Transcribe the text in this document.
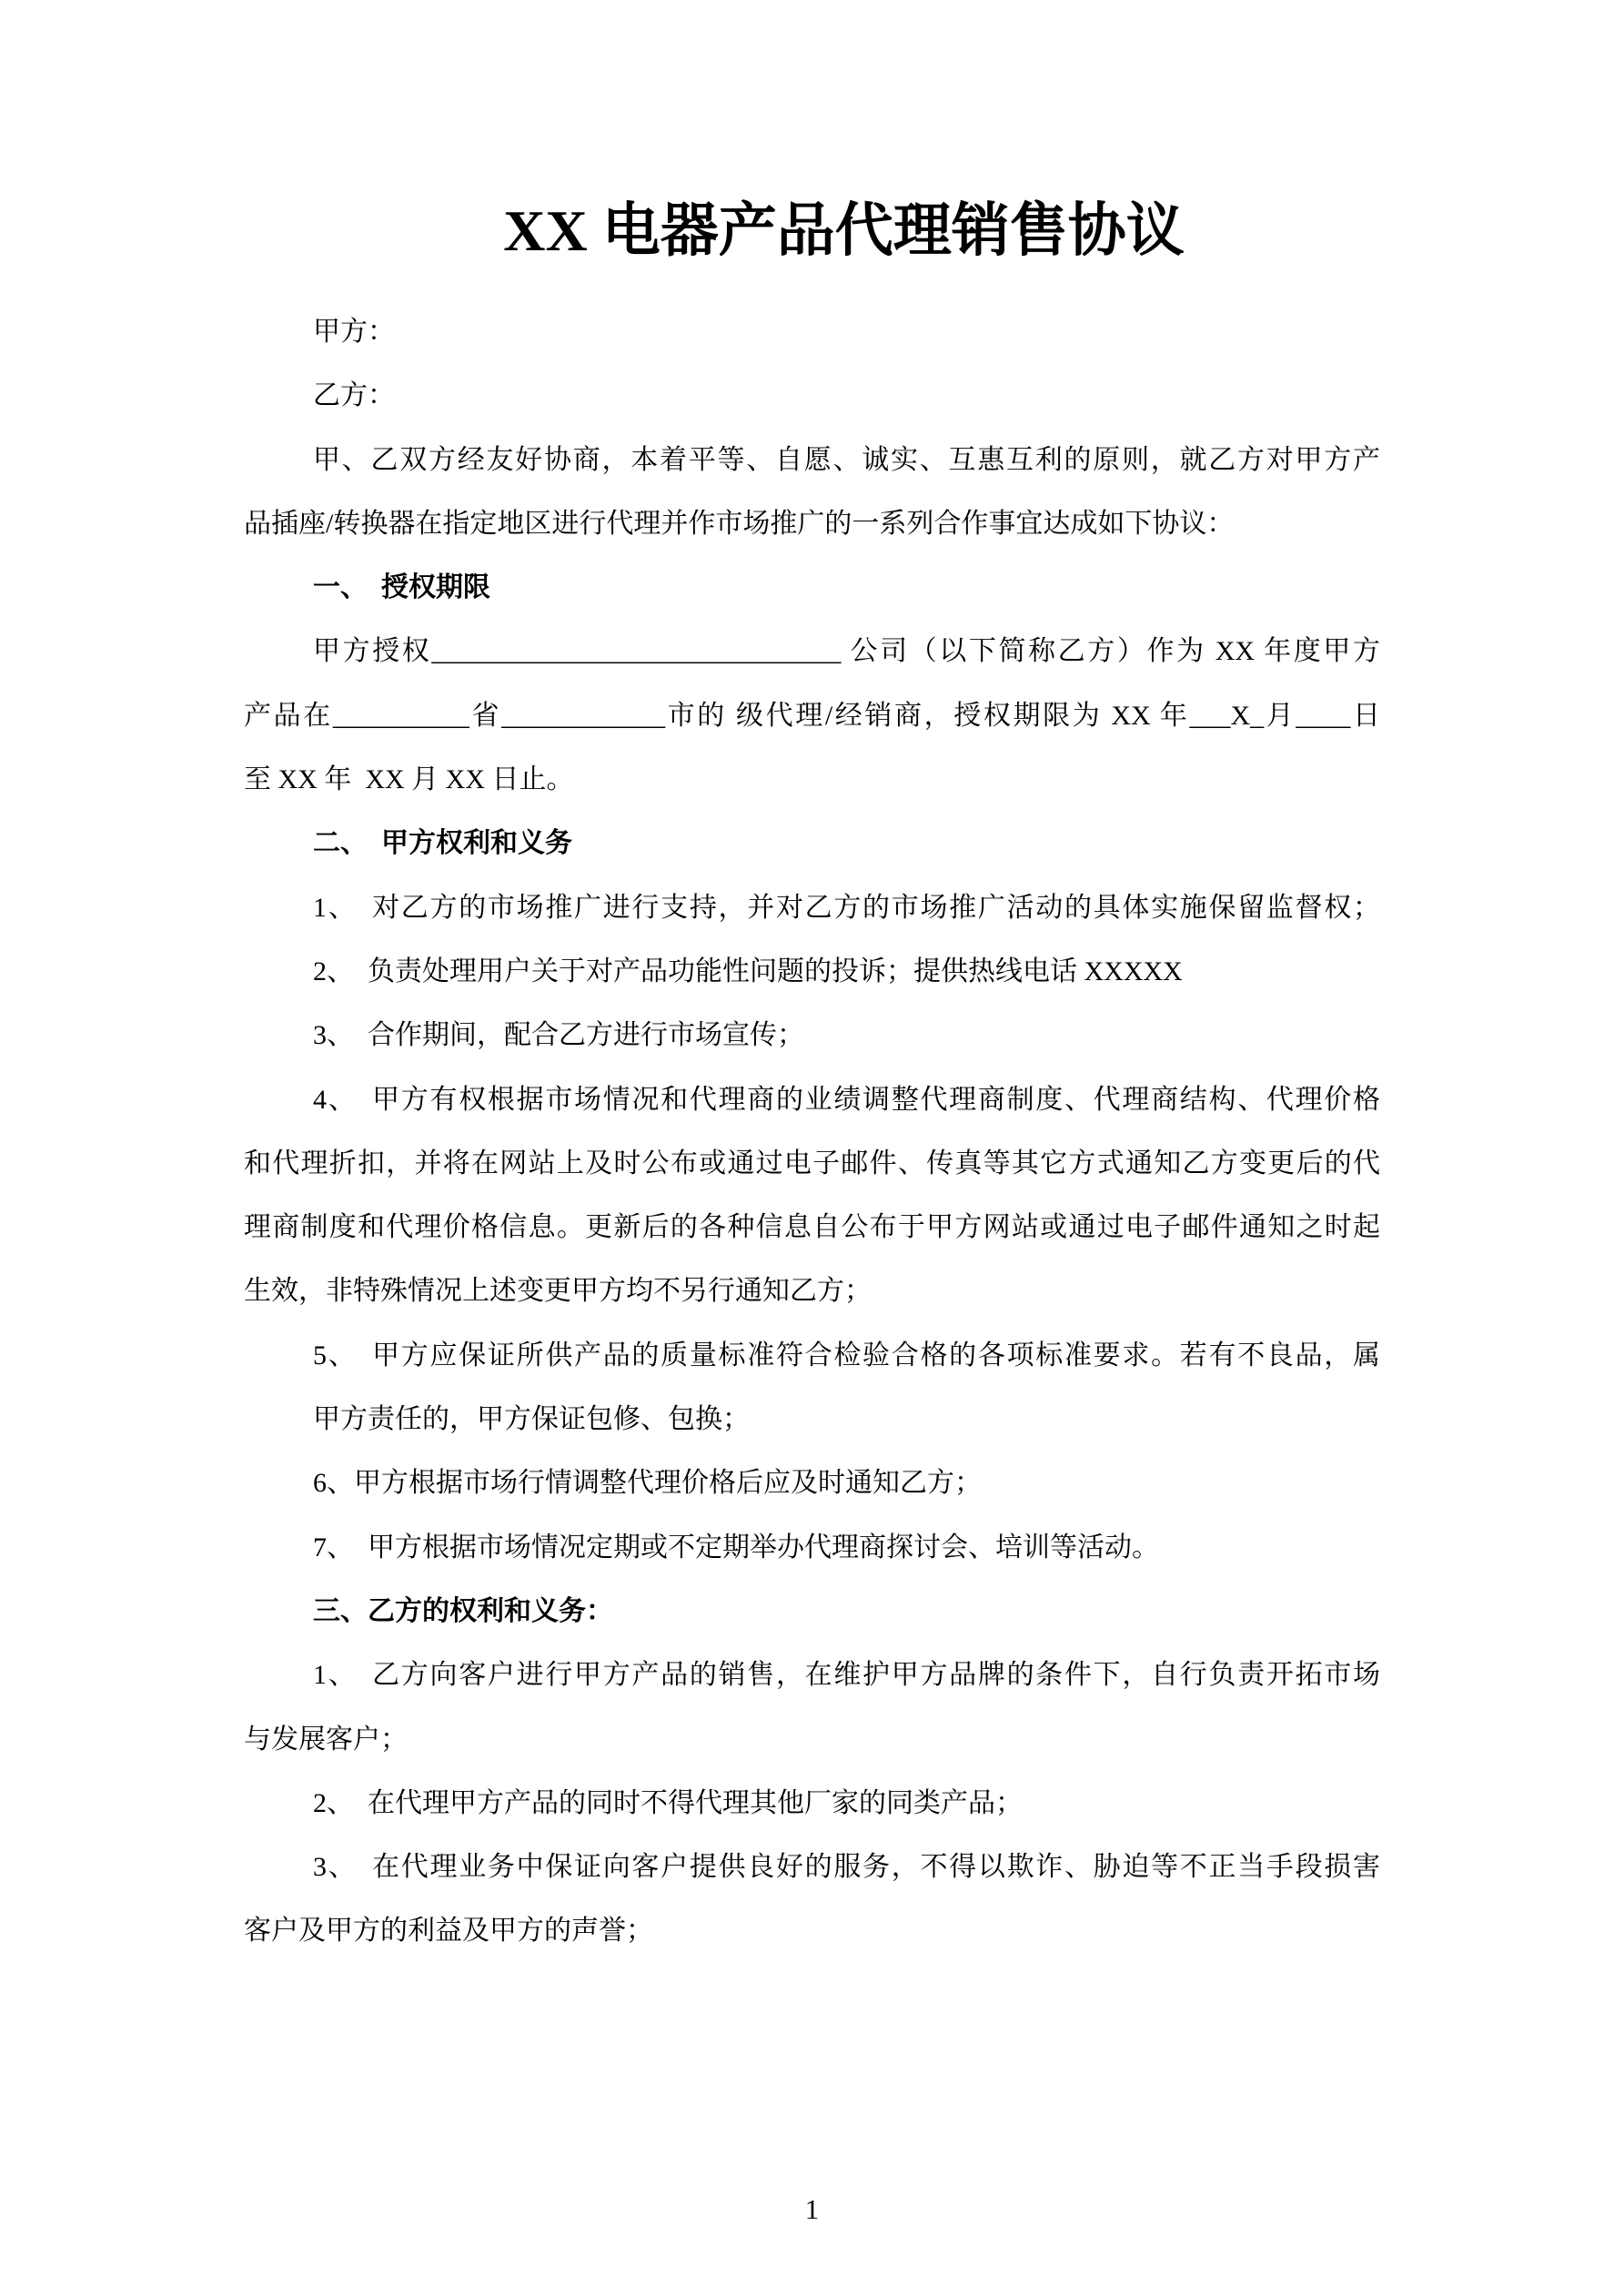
XX 电器产品代理销售协议
甲方：
乙方：
甲、乙双方经友好协商，本着平等、自愿、诚实、互惠互利的原则，就乙方对甲方产
品插座/转换器在指定地区进行代理并作市场推广的一系列合作事宜达成如下协议：
一、　授权期限
甲方授权______________________________ 公司（以下简称乙方）作为 XX 年度甲方
产品在__________省____________市的 级代理/经销商，授权期限为 XX 年___X_月____日
至 XX 年  XX 月 XX 日止。
二、　甲方权利和义务
1、　对乙方的市场推广进行支持，并对乙方的市场推广活动的具体实施保留监督权；
2、　负责处理用户关于对产品功能性问题的投诉；提供热线电话 XXXXX
3、　合作期间，配合乙方进行市场宣传；
4、　甲方有权根据市场情况和代理商的业绩调整代理商制度、代理商结构、代理价格
和代理折扣，并将在网站上及时公布或通过电子邮件、传真等其它方式通知乙方变更后的代
理商制度和代理价格信息。更新后的各种信息自公布于甲方网站或通过电子邮件通知之时起
生效，非特殊情况上述变更甲方均不另行通知乙方；
5、　甲方应保证所供产品的质量标准符合检验合格的各项标准要求。若有不良品，属
甲方责任的，甲方保证包修、包换；
6、甲方根据市场行情调整代理价格后应及时通知乙方；
7、　甲方根据市场情况定期或不定期举办代理商探讨会、培训等活动。
三、乙方的权利和义务：
1、　乙方向客户进行甲方产品的销售，在维护甲方品牌的条件下，自行负责开拓市场
与发展客户；
2、　在代理甲方产品的同时不得代理其他厂家的同类产品；
3、　在代理业务中保证向客户提供良好的服务，不得以欺诈、胁迫等不正当手段损害
客户及甲方的利益及甲方的声誉；
1
